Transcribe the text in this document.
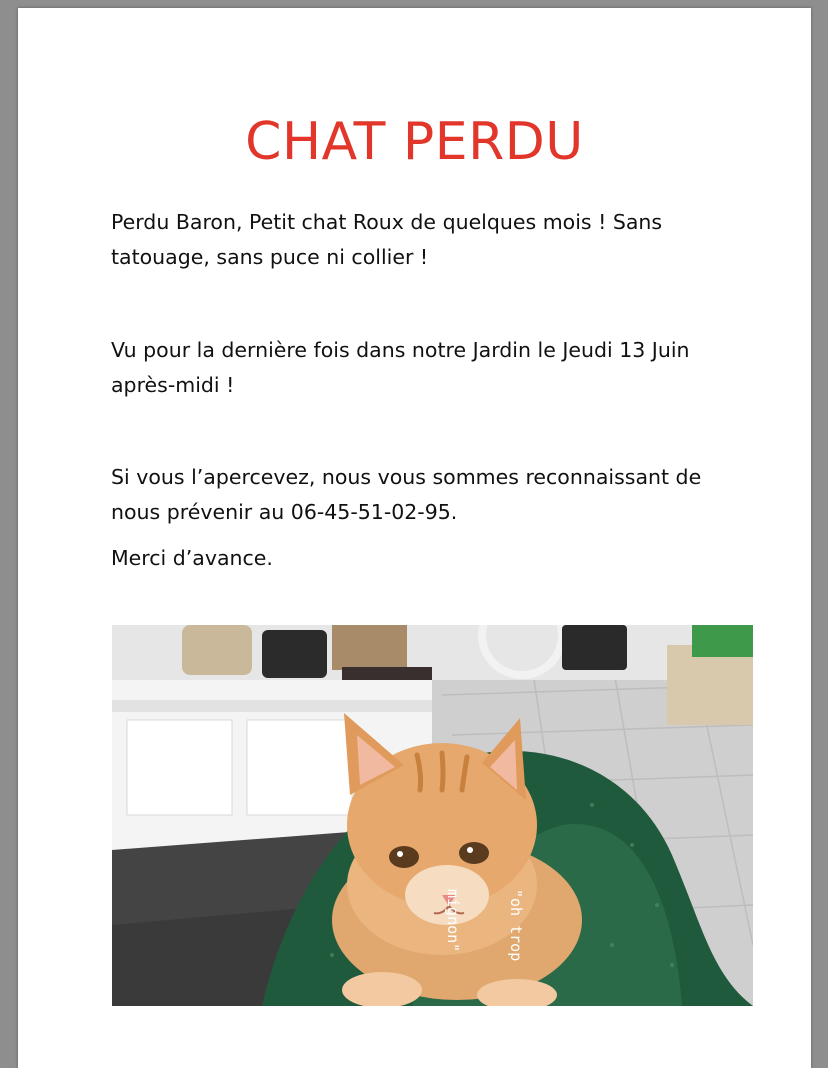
CHAT PERDU

Perdu Baron, Petit chat Roux de quelques mois ! Sans tatouage, sans puce ni collier !

Vu pour la dernière fois dans notre Jardin le Jeudi 13 Juin après-midi !

Si vous l’apercevez, nous vous sommes reconnaissant de nous prévenir au 06-45-51-02-95.

Merci d’avance.
